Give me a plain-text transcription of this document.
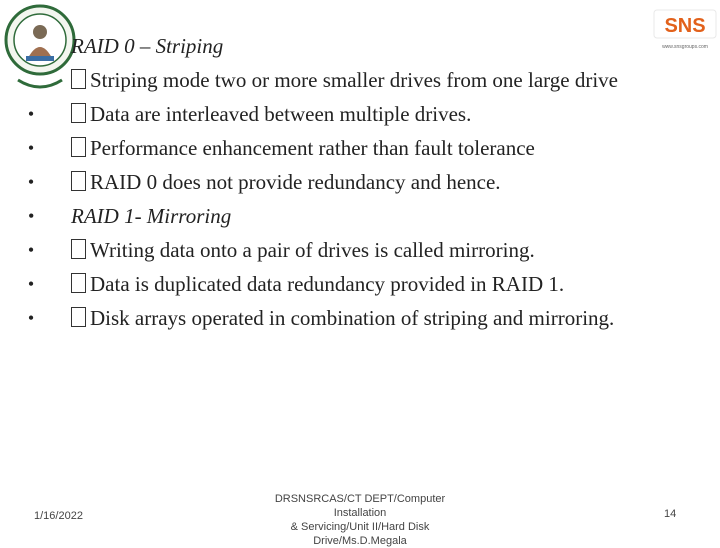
SNS
www.snsgroups.com
RAID 0 – Striping
Striping mode two or more smaller drives from one large drive
•	Data are interleaved between multiple drives.
•	Performance enhancement rather than fault tolerance
•	RAID 0 does not provide redundancy and hence.
• RAID 1- Mirroring
•	Writing data onto a pair of drives is called mirroring.
•	Data is duplicated data redundancy provided in RAID 1.
•	Disk arrays operated in combination of striping and mirroring.
1/16/2022
DRSNSRCAS/CT DEPT/Computer Installation
& Servicing/Unit II/Hard Disk
Drive/Ms.D.Megala
14
